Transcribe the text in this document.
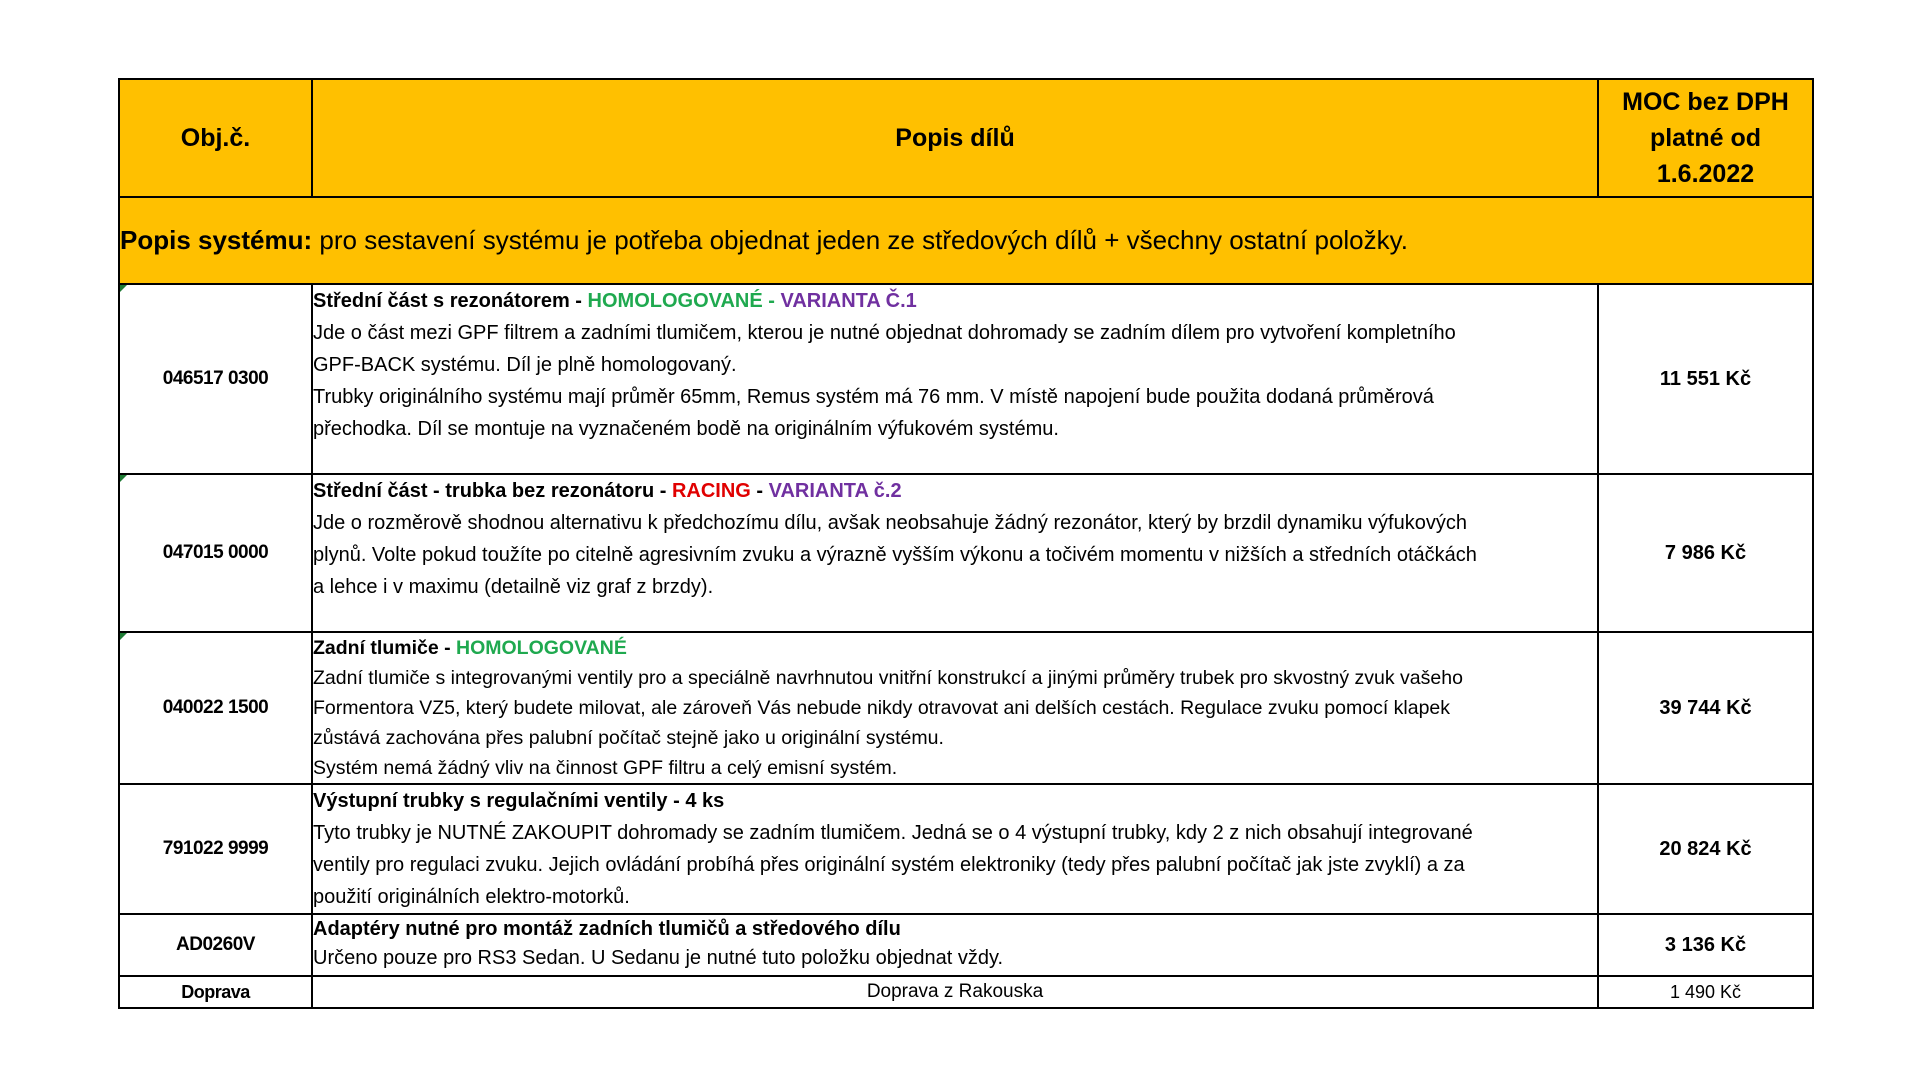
Obj.č.	Popis dílů	MOC bez DPH
platné od
1.6.2022
Popis systému: pro sestavení systému je potřeba objednat jeden ze středových dílů + všechny ostatní položky.		

046517 0300	Střední část s rezonátorem - HOMOLOGOVANÉ - VARIANTA Č.1
Jde o část mezi GPF filtrem a zadními tlumičem, kterou je nutné objednat dohromady se zadním dílem pro vytvoření kompletního
GPF-BACK systému. Díl je plně homologovaný.
Trubky originálního systému mají průměr 65mm, Remus systém má 76 mm. V místě napojení bude použita dodaná průměrová
přechodka. Díl se montuje na vyznačeném bodě na originálním výfukovém systému.	11 551 Kč

047015 0000	Střední část - trubka bez rezonátoru - RACING - VARIANTA č.2
Jde o rozměrově shodnou alternativu k předchozímu dílu, avšak neobsahuje žádný rezonátor, který by brzdil dynamiku výfukových
plynů. Volte pokud toužíte po citelně agresivním zvuku a výrazně vyšším výkonu a točivém momentu v nižších a středních otáčkách
a lehce i v maximu (detailně viz graf z brzdy).	7 986 Kč

040022 1500	Zadní tlumiče - HOMOLOGOVANÉ
Zadní tlumiče s integrovanými ventily pro a speciálně navrhnutou vnitřní konstrukcí a jinými průměry trubek pro skvostný zvuk vašeho
Formentora VZ5, který budete milovat, ale zároveň Vás nebude nikdy otravovat ani delších cestách. Regulace zvuku pomocí klapek
zůstává zachována přes palubní počítač stejně jako u originální systému.
Systém nemá žádný vliv na činnost GPF filtru a celý emisní systém.	39 744 Kč
791022 9999	Výstupní trubky s regulačními ventily - 4 ks
Tyto trubky je NUTNÉ ZAKOUPIT dohromady se zadním tlumičem. Jedná se o 4 výstupní trubky, kdy 2 z nich obsahují integrované
ventily pro regulaci zvuku. Jejich ovládání probíhá přes originální systém elektroniky (tedy přes palubní počítač jak jste zvyklí) a za
použití originálních elektro-motorků.	20 824 Kč
AD0260V	Adaptéry nutné pro montáž zadních tlumičů a středového dílu
Určeno pouze pro RS3 Sedan. U Sedanu je nutné tuto položku objednat vždy.	3 136 Kč
Doprava	Doprava z Rakouska	1 490 Kč
